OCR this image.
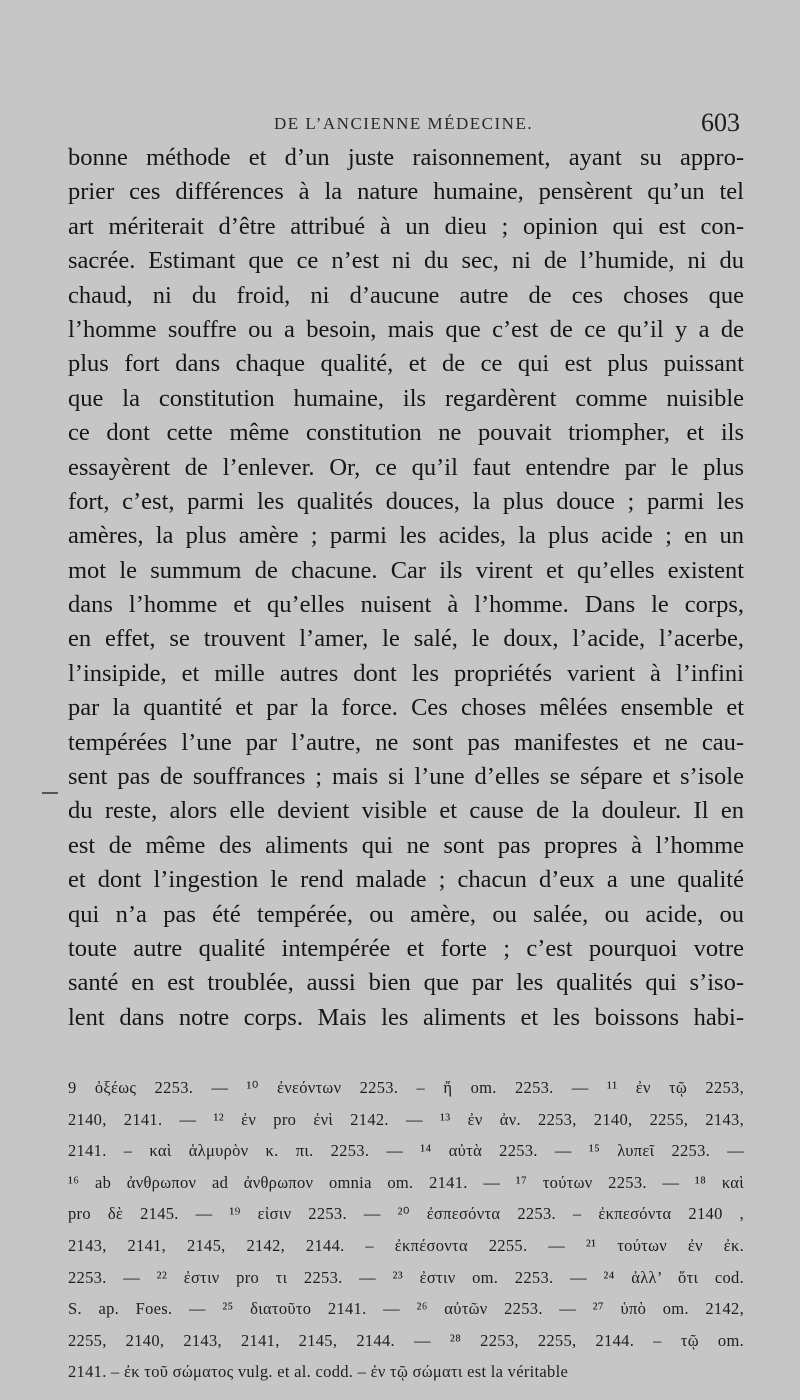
DE L’ANCIENNE MÉDECINE.	603
bonne méthode et d’un juste raisonnement, ayant su appro-
prier ces différences à la nature humaine, pensèrent qu’un tel
art mériterait d’être attribué à un dieu ; opinion qui est con-
sacrée. Estimant que ce n’est ni du sec, ni de l’humide, ni du
chaud, ni du froid, ni d’aucune autre de ces choses que
l’homme souffre ou a besoin, mais que c’est de ce qu’il y a de
plus fort dans chaque qualité, et de ce qui est plus puissant
que la constitution humaine, ils regardèrent comme nuisible
ce dont cette même constitution ne pouvait triompher, et ils
essayèrent de l’enlever. Or, ce qu’il faut entendre par le plus
fort, c’est, parmi les qualités douces, la plus douce ; parmi les
amères, la plus amère ; parmi les acides, la plus acide ; en un
mot le summum de chacune. Car ils virent et qu’elles existent
dans l’homme et qu’elles nuisent à l’homme. Dans le corps,
en effet, se trouvent l’amer, le salé, le doux, l’acide, l’acerbe,
l’insipide, et mille autres dont les propriétés varient à l’infini
par la quantité et par la force. Ces choses mêlées ensemble et
tempérées l’une par l’autre, ne sont pas manifestes et ne cau-
sent pas de souffrances ; mais si l’une d’elles se sépare et s’isole
du reste, alors elle devient visible et cause de la douleur. Il en
est de même des aliments qui ne sont pas propres à l’homme
et dont l’ingestion le rend malade ; chacun d’eux a une qualité
qui n’a pas été tempérée, ou amère, ou salée, ou acide, ou
toute autre qualité intempérée et forte ; c’est pourquoi votre
santé en est troublée, aussi bien que par les qualités qui s’iso-
lent dans notre corps. Mais les aliments et les boissons habi-
9 ὀξέως 2253. — ¹⁰ ἐνεόντων 2253. – ἤ om. 2253. — ¹¹ ἐν τῷ 2253,
2140, 2141. — ¹² ἐν pro ἐνὶ 2142. — ¹³ ἐν ἀν. 2253, 2140, 2255, 2143,
2141. – καὶ ἁλμυρὸν κ. πι. 2253. — ¹⁴ αὐτὰ 2253. — ¹⁵ λυπεῖ 2253. —
¹⁶ ab ἀνθρωπον ad ἀνθρωπον omnia om. 2141. — ¹⁷ τούτων 2253. — ¹⁸ καὶ
pro δὲ 2145. — ¹⁹ εἰσιν 2253. — ²⁰ ἐσπεσόντα 2253. – ἐκπεσόντα 2140 ,
2143, 2141, 2145, 2142, 2144. – ἐκπέσοντα 2255. — ²¹ τούτων ἐν ἐκ.
2253. — ²² ἐστιν pro τι 2253. — ²³ ἐστιν om. 2253. — ²⁴ ἀλλ’ ὅτι cod.
S. ap. Foes. — ²⁵ διατοῦτο 2141. — ²⁶ αὐτῶν 2253. — ²⁷ ὑπὸ om. 2142,
2255, 2140, 2143, 2141, 2145, 2144. — ²⁸ 2253, 2255, 2144. – τῷ om.
2141. – ἐκ τοῦ σώματος vulg. et al. codd. – ἐν τῷ σώματι est la véritable
